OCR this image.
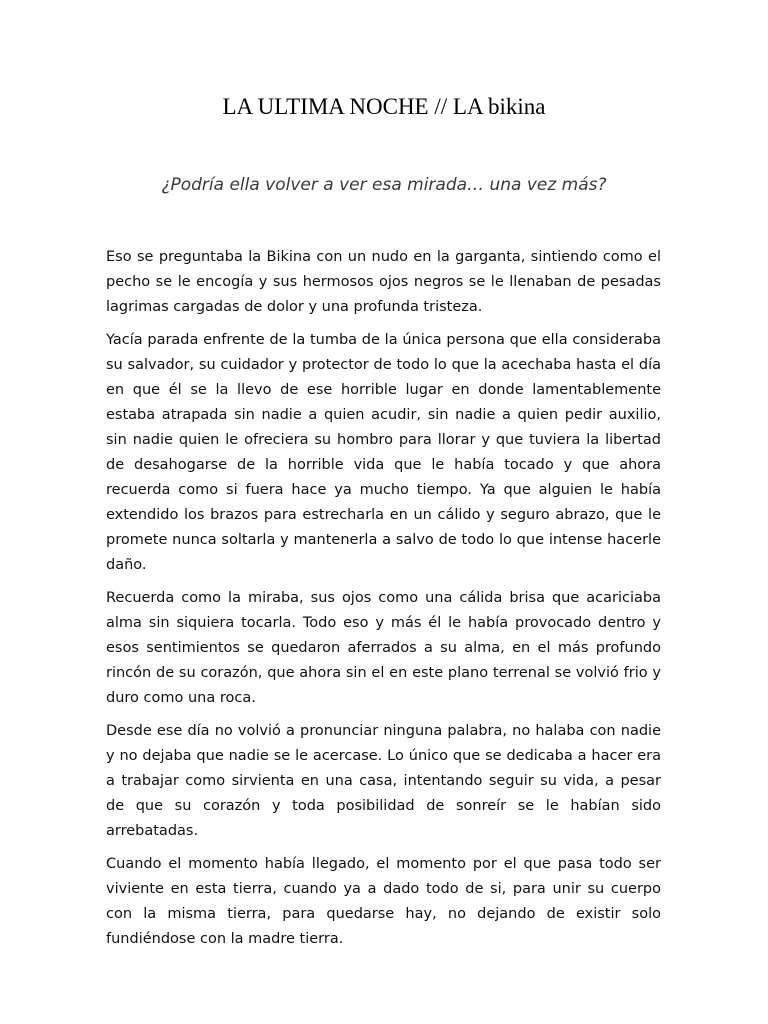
LA ULTIMA NOCHE // LA bikina
¿Podría ella volver a ver esa mirada… una vez más?

Eso se preguntaba la Bikina con un nudo en la garganta, sintiendo como el pecho se le encogía y sus hermosos ojos negros se le llenaban de pesadas lagrimas cargadas de dolor y una profunda tristeza.

Yacía parada enfrente de la tumba de la única persona que ella consideraba su salvador, su cuidador y protector de todo lo que la acechaba hasta el día en que él se la llevo de ese horrible lugar en donde lamentablemente estaba atrapada sin nadie a quien acudir, sin nadie a quien pedir auxilio, sin nadie quien le ofreciera su hombro para llorar y que tuviera la libertad de desahogarse de la horrible vida que le había tocado y que ahora recuerda como si fuera hace ya mucho tiempo. Ya que alguien le había extendido los brazos para estrecharla en un cálido y seguro abrazo, que le promete nunca soltarla y mantenerla a salvo de todo lo que intense hacerle daño.

Recuerda como la miraba, sus ojos como una cálida brisa que acariciaba alma sin siquiera tocarla. Todo eso y más él le había provocado dentro y esos sentimientos se quedaron aferrados a su alma, en el más profundo rincón de su corazón, que ahora sin el en este plano terrenal se volvió frio y duro como una roca.

Desde ese día no volvió a pronunciar ninguna palabra, no halaba con nadie y no dejaba que nadie se le acercase. Lo único que se dedicaba a hacer era a trabajar como sirvienta en una casa, intentando seguir su vida, a pesar de que su corazón y toda posibilidad de sonreír se le habían sido arrebatadas.

Cuando el momento había llegado, el momento por el que pasa todo ser viviente en esta tierra, cuando ya a dado todo de si, para unir su cuerpo con la misma tierra, para quedarse hay, no dejando de existir solo fundiéndose con la madre tierra.
